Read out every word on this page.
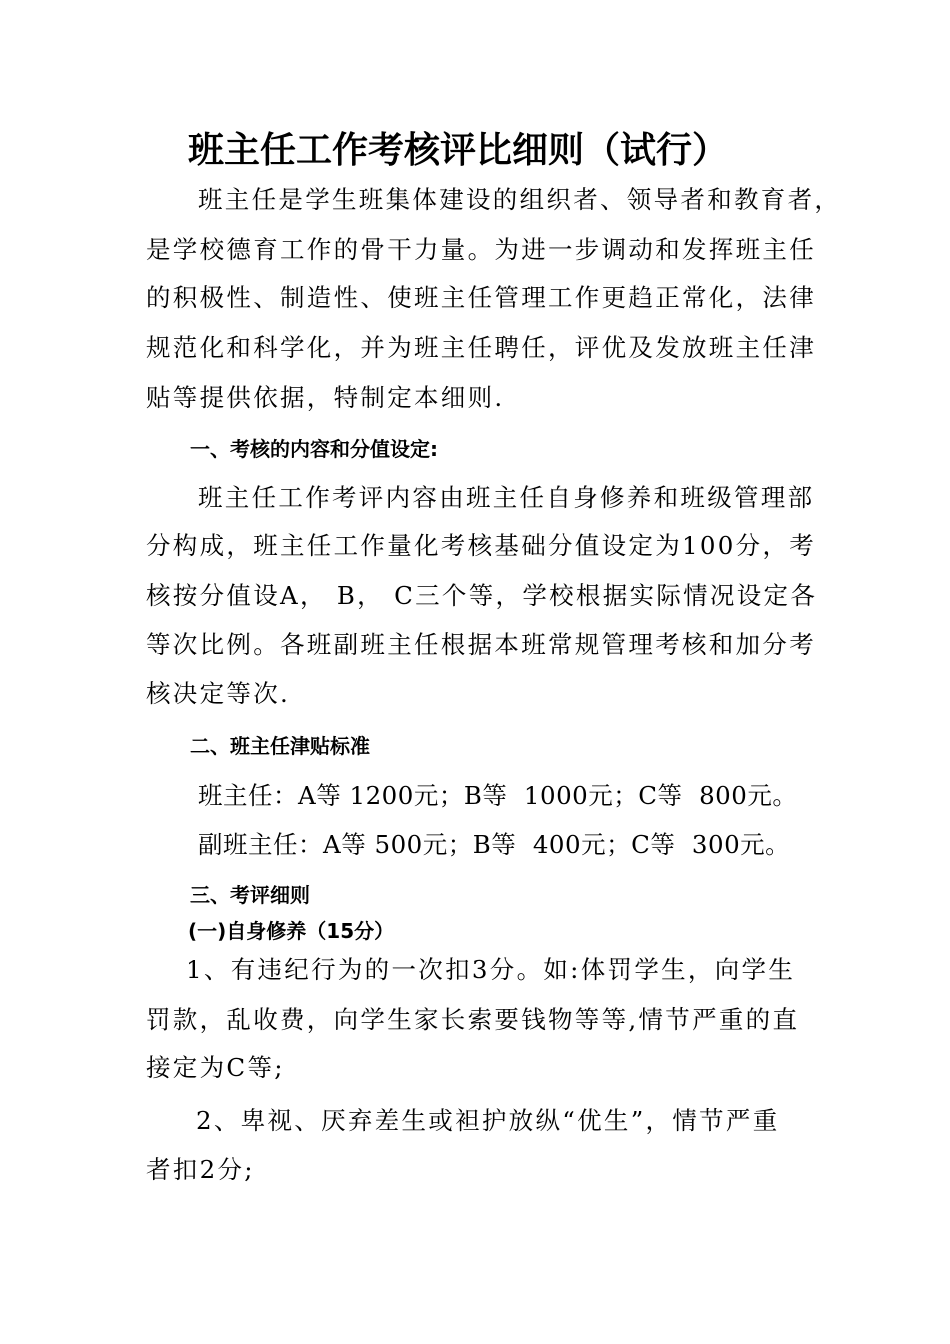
班主任工作考核评比细则（试行）
班主任是学生班集体建设的组织者、领导者和教育者，
是学校德育工作的骨干力量。为进一步调动和发挥班主任
的积极性、制造性、使班主任管理工作更趋正常化，法律
规范化和科学化，并为班主任聘任，评优及发放班主任津
贴等提供依据，特制定本细则.
一、考核的内容和分值设定:
班主任工作考评内容由班主任自身修养和班级管理部
分构成，班主任工作量化考核基础分值设定为100分，考
核按分值设A， B， C三个等，学校根据实际情况设定各
等次比例。各班副班主任根据本班常规管理考核和加分考
核决定等次.
二、班主任津贴标准
班主任：A等 1200元；B等  1000元；C等  800元。
副班主任：A等 500元；B等  400元；C等  300元。
三、考评细则
(一)自身修养（15分）
1、有违纪行为的一次扣3分。如:体罚学生，向学生
罚款，乱收费，向学生家长索要钱物等等,情节严重的直
接定为C等;
2、卑视、厌弃差生或袒护放纵“优生”，情节严重
者扣2分;
